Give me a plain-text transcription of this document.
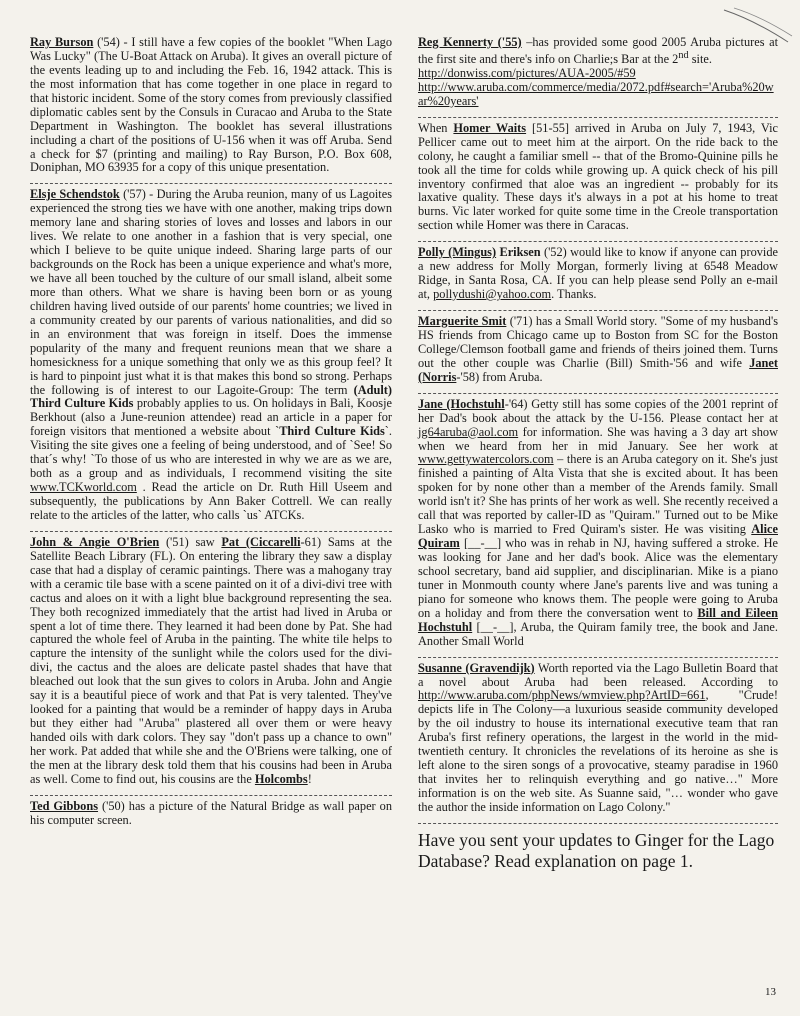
Ray Burson ('54) - I still have a few copies of the booklet "When Lago Was Lucky" (The U-Boat Attack on Aruba). It gives an overall picture of the events leading up to and including the Feb. 16, 1942 attack. This is the most information that has come together in one place in regard to that historic incident. Some of the story comes from previously classified diplomatic cables sent by the Consuls in Curacao and Aruba to the State Department in Washington. The booklet has several illustrations including a chart of the positions of U-156 when it was off Aruba. Send a check for $7 (printing and mailing) to Ray Burson, P.O. Box 608, Doniphan, MO 63935 for a copy of this unique presentation.

Elsje Schendstok ('57) - During the Aruba reunion, many of us Lagoites experienced the strong ties we have with one another, making trips down memory lane and sharing stories of loves and losses and labors in our lives. We relate to one another in a fashion that is very special, one which I believe to be quite unique indeed. Sharing large parts of our backgrounds on the Rock has been a unique experience and what's more, we have all been touched by the culture of our small island, albeit some more than others. What we share is having been born or as young children having lived outside of our parents' home countries; we lived in a community created by our parents of various nationalities, and did so in an environment that was foreign in itself. Does the immense popularity of the many and frequent reunions mean that we share a homesickness for a unique something that only we as this group feel? It is hard to pinpoint just what it is that makes this bond so strong. Perhaps the following is of interest to our Lagoite-Group: The term (Adult) Third Culture Kids probably applies to us. On holidays in Bali, Koosje Berkhout (also a June-reunion attendee) read an article in a paper for foreign visitors that mentioned a website about `Third Culture Kids`. Visiting the site gives one a feeling of being understood, and of `See! So that´s why! `To those of us who are interested in why we are as we are, both as a group and as individuals, I recommend visiting the site www.TCKworld.com . Read the article on Dr. Ruth Hill Useem and subsequently, the publications by Ann Baker Cottrell. We can really relate to the articles of the latter, who calls `us` ATCKs.

John & Angie O'Brien ('51) saw Pat (Ciccarelli-61) Sams at the Satellite Beach Library (FL). On entering the library they saw a display case that had a display of ceramic paintings. There was a mahogany tray with a ceramic tile base with a scene painted on it of a divi-divi tree with cactus and aloes on it with a light blue background representing the sea. They both recognized immediately that the artist had lived in Aruba or spent a lot of time there. They learned it had been done by Pat. She had captured the whole feel of Aruba in the painting. The white tile helps to capture the intensity of the sunlight while the colors used for the divi-divi, the cactus and the aloes are delicate pastel shades that have that bleached out look that the sun gives to colors in Aruba. John and Angie say it is a beautiful piece of work and that Pat is very talented. They've looked for a painting that would be a reminder of happy days in Aruba but they either had "Aruba" plastered all over them or were heavy handed oils with dark colors. They say "don't pass up a chance to own" her work. Pat added that while she and the O'Briens were talking, one of the men at the library desk told them that his cousins had been in Aruba as well. Come to find out, his cousins are the Holcombs!

Ted Gibbons ('50) has a picture of the Natural Bridge as wall paper on his computer screen.

Reg Kennerty ('55) –has provided some good 2005 Aruba pictures at the first site and there's info on Charlie;s Bar at the 2nd site.
http://donwiss.com/pictures/AUA-2005/#59
http://www.aruba.com/commerce/media/2072.pdf#search='Aruba%20war%20years'

When Homer Waits [51-55] arrived in Aruba on July 7, 1943, Vic Pellicer came out to meet him at the airport. On the ride back to the colony, he caught a familiar smell -- that of the Bromo-Quinine pills he took all the time for colds while growing up. A quick check of his pill inventory confirmed that aloe was an ingredient -- probably for its laxative quality. These days it's always in a pot at his home to treat burns. Vic later worked for quite some time in the Creole transportation section while Homer was there in Caracas.

Polly (Mingus) Eriksen ('52) would like to know if anyone can provide a new address for Molly Morgan, formerly living at 6548 Meadow Ridge, in Santa Rosa, CA. If you can help please send Polly an e-mail at, pollydushi@yahoo.com. Thanks.

Marguerite Smit ('71) has a Small World story. "Some of my husband's HS friends from Chicago came up to Boston from SC for the Boston College/Clemson football game and friends of theirs joined them. Turns out the other couple was Charlie (Bill) Smith-'56 and wife Janet (Norris-'58) from Aruba.

Jane (Hochstuhl-'64) Getty still has some copies of the 2001 reprint of her Dad's book about the attack by the U-156. Please contact her at jg64aruba@aol.com for information. She was having a 3 day art show when we heard from her in mid January. See her work at www.gettywatercolors.com – there is an Aruba category on it. She's just finished a painting of Alta Vista that she is excited about. It has been spoken for by none other than a member of the Arends family. Small world isn't it? She has prints of her work as well. She recently received a call that was reported by caller-ID as "Quiram." Turned out to be Mike Lasko who is married to Fred Quiram's sister. He was visiting Alice Quiram [__-__] who was in rehab in NJ, having suffered a stroke. He was looking for Jane and her dad's book. Alice was the elementary school secretary, band aid supplier, and disciplinarian. Mike is a piano tuner in Monmouth county where Jane's parents live and was tuning a piano for someone who knows them. The people were going to Aruba on a holiday and from there the conversation went to Bill and Eileen Hochstuhl [__-__], Aruba, the Quiram family tree, the book and Jane. Another Small World

Susanne (Gravendijk) Worth reported via the Lago Bulletin Board that a novel about Aruba had been released. According to http://www.aruba.com/phpNews/wmview.php?ArtID=661, "Crude! depicts life in The Colony—a luxurious seaside community developed by the oil industry to house its international executive team that ran Aruba's first refinery operations, the largest in the world in the mid-twentieth century. It chronicles the revelations of its heroine as she is left alone to the siren songs of a provocative, steamy paradise in 1960 that invites her to relinquish everything and go native…" More information is on the web site. As Suanne said, "… wonder who gave the author the inside information on Lago Colony."

Have you sent your updates to Ginger for the Lago Database? Read explanation on page 1.

13
